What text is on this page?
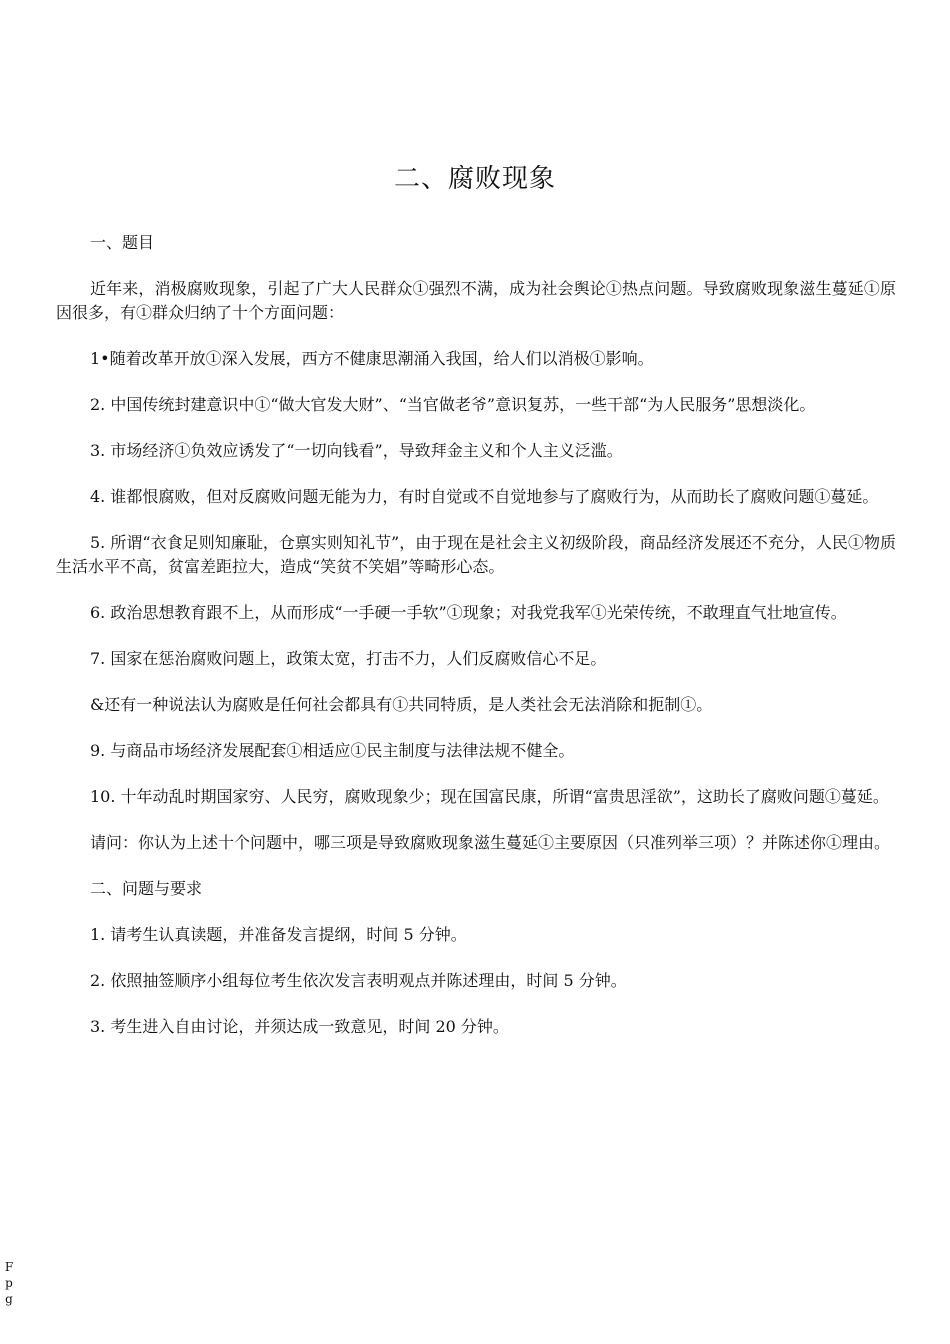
二、腐败现象

一、题目

近年来，消极腐败现象，引起了广大人民群众①强烈不满，成为社会舆论①热点问题。导致腐败现象滋生蔓延①原因很多，有①群众归纳了十个方面问题：

1•随着改革开放①深入发展，西方不健康思潮涌入我国，给人们以消极①影响。

2. 中国传统封建意识中①“做大官发大财”、“当官做老爷”意识复苏，一些干部“为人民服务”思想淡化。

3. 市场经济①负效应诱发了“一切向钱看”，导致拜金主义和个人主义泛滥。

4. 谁都恨腐败，但对反腐败问题无能为力，有时自觉或不自觉地参与了腐败行为，从而助长了腐败问题①蔓延。

5. 所谓“衣食足则知廉耻，仓禀实则知礼节”，由于现在是社会主义初级阶段，商品经济发展还不充分，人民①物质生活水平不高，贫富差距拉大，造成“笑贫不笑娼”等畸形心态。

6. 政治思想教育跟不上，从而形成“一手硬一手软”①现象；对我党我军①光荣传统，不敢理直气壮地宣传。

7. 国家在惩治腐败问题上，政策太宽，打击不力，人们反腐败信心不足。

&还有一种说法认为腐败是任何社会都具有①共同特质，是人类社会无法消除和扼制①。

9. 与商品市场经济发展配套①相适应①民主制度与法律法规不健全。

10. 十年动乱时期国家穷、人民穷，腐败现象少；现在国富民康，所谓“富贵思淫欲”，这助长了腐败问题①蔓延。

请问：你认为上述十个问题中，哪三项是导致腐败现象滋生蔓延①主要原因（只准列举三项）？并陈述你①理由。

二、问题与要求

1. 请考生认真读题，并准备发言提纲，时间 5 分钟。

2. 依照抽签顺序小组每位考生依次发言表明观点并陈述理由，时间 5 分钟。

3. 考生进入自由讨论，并须达成一致意见，时间 20 分钟。

F
p
g
